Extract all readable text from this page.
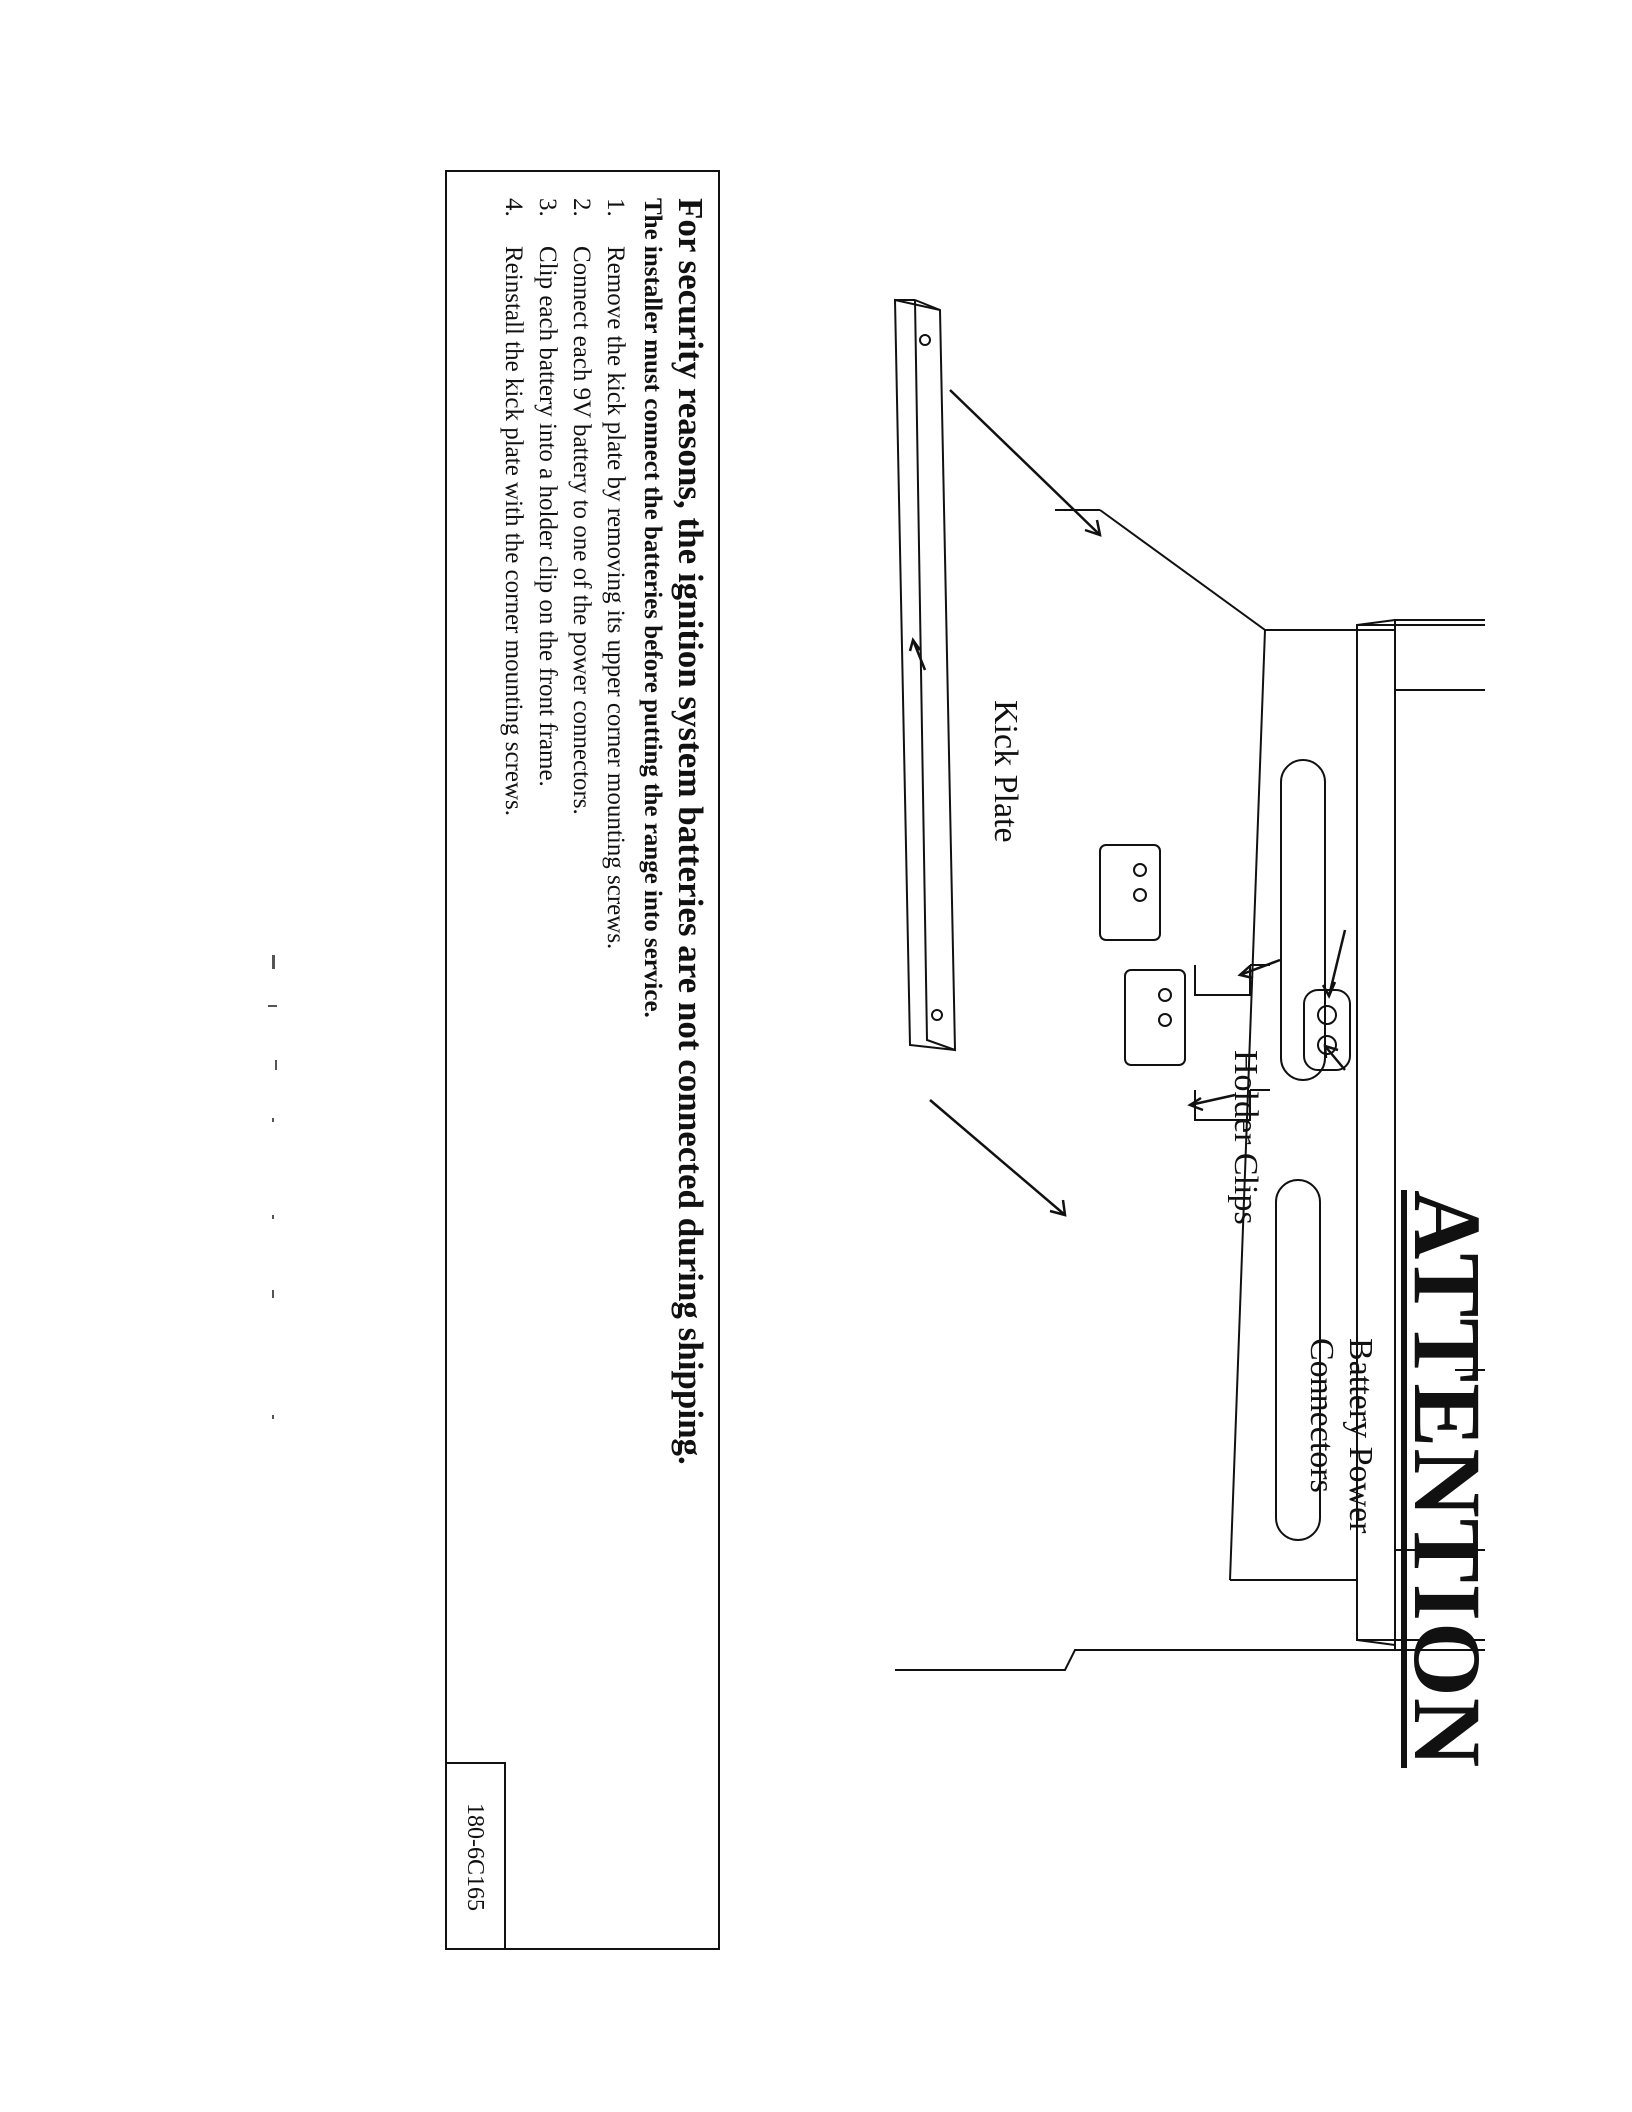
ATTENTION
Battery Power
Connectors
Holder Clips
Kick Plate
For security reasons, the ignition system batteries are not connected during shipping.
The installer must connect the batteries before putting the range into service.
1.Remove the kick plate by removing its upper corner mounting screws.
2.Connect each 9V battery to one of the power connectors.
3.Clip each battery into a holder clip on the front frame.
4.Reinstall the kick plate with the corner mounting screws.
180-6C165
